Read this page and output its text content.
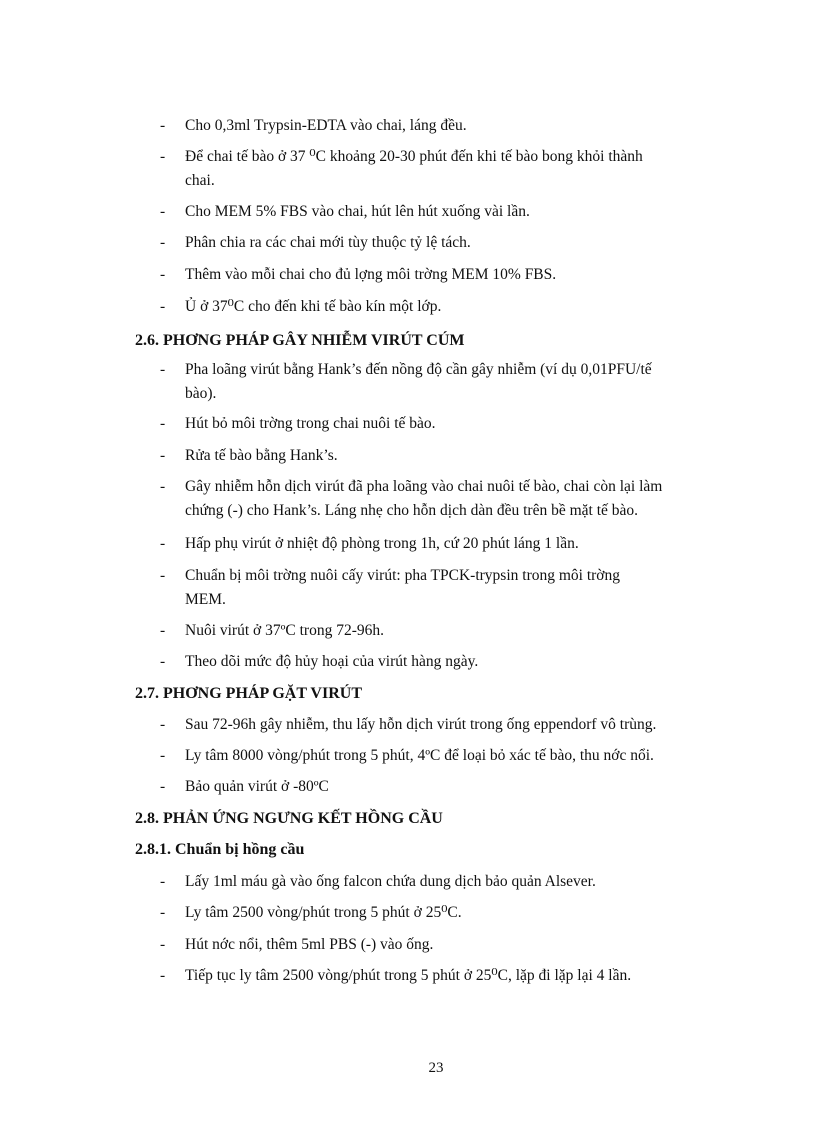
- Cho 0,3ml Trypsin-EDTA vào chai, láng đều.
- Để chai tế bào ở 37 ⁰C khoảng 20-30 phút đến khi tế bào bong khỏi thành
chai.
- Cho MEM 5% FBS vào chai, hút lên hút xuống vài lần.
- Phân chia ra các chai mới tùy thuộc tỷ lệ tách.
- Thêm vào mỗi chai cho đủ lợng môi trờng MEM 10% FBS.
- Ủ ở 37⁰C cho đến khi tế bào kín một lớp.
- Pha loãng virút bằng Hank’s đến nồng độ cần gây nhiễm (ví dụ 0,01PFU/tế
bào).
- Hút bỏ môi trờng trong chai nuôi tế bào.
- Rửa tế bào bằng Hank’s.
- Gây nhiễm hỗn dịch virút đã pha loãng vào chai nuôi tế bào, chai còn lại làm
chứng (-) cho Hank’s. Láng nhẹ cho hỗn dịch dàn đều trên bề mặt tế bào.
- Hấp phụ virút ở nhiệt độ phòng trong 1h, cứ 20 phút láng 1 lần.
- Chuẩn bị môi trờng nuôi cấy virút: pha TPCK-trypsin trong môi trờng
MEM.
- Nuôi virút ở 37ºC trong 72-96h.
- Theo dõi mức độ hủy hoại của virút hàng ngày.
- Sau 72-96h gây nhiễm, thu lấy hỗn dịch virút trong ống eppendorf vô trùng.
- Ly tâm 8000 vòng/phút trong 5 phút, 4ºC để loại bỏ xác tế bào, thu nớc nổi.
- Bảo quản virút ở -80ºC
- Lấy 1ml máu gà vào ống falcon chứa dung dịch bảo quản Alsever.
- Ly tâm 2500 vòng/phút trong 5 phút ở 25⁰C.
- Hút nớc nổi, thêm 5ml PBS (-) vào ống.
- Tiếp tục ly tâm 2500 vòng/phút trong 5 phút ở 25⁰C, lặp đi lặp lại 4 lần.
2.6. PHƠNG PHÁP GÂY NHIỄM VIRÚT CÚM
2.7. PHƠNG PHÁP GẶT VIRÚT
2.8. PHẢN ỨNG NGƯNG KẾT HỒNG CẦU
2.8.1. Chuẩn bị hồng cầu
23
